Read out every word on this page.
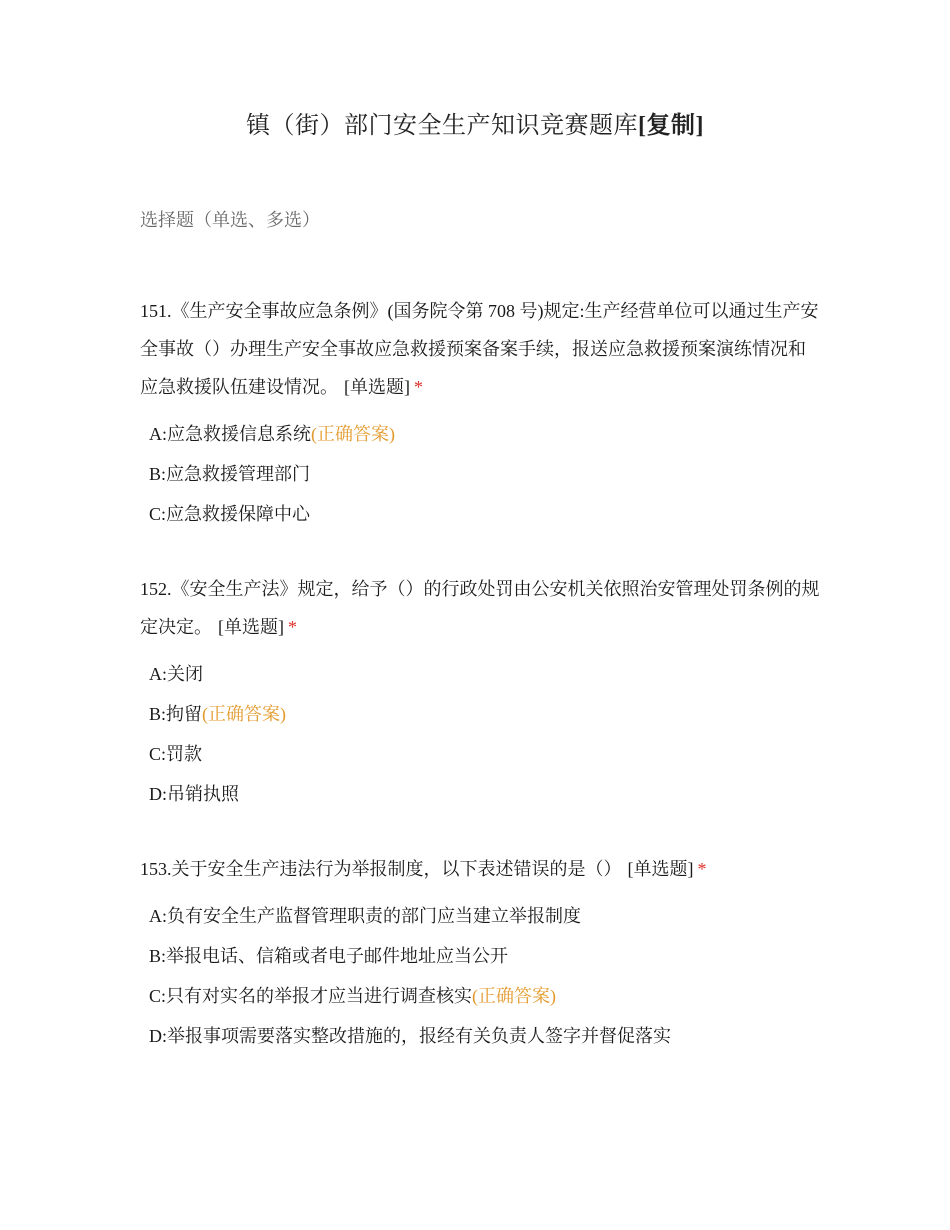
镇（街）部门安全生产知识竞赛题库[复制]
选择题（单选、多选）
151.《生产安全事故应急条例》(国务院令第 708 号)规定:生产经营单位可以通过生产安全事故（）办理生产安全事故应急救援预案备案手续，报送应急救援预案演练情况和应急救援队伍建设情况。 [单选题] *
A:应急救援信息系统(正确答案)
B:应急救援管理部门
C:应急救援保障中心
152.《安全生产法》规定，给予（）的行政处罚由公安机关依照治安管理处罚条例的规定决定。 [单选题] *
A:关闭
B:拘留(正确答案)
C:罚款
D:吊销执照
153.关于安全生产违法行为举报制度，以下表述错误的是（） [单选题] *
A:负有安全生产监督管理职责的部门应当建立举报制度
B:举报电话、信箱或者电子邮件地址应当公开
C:只有对实名的举报才应当进行调查核实(正确答案)
D:举报事项需要落实整改措施的，报经有关负责人签字并督促落实
